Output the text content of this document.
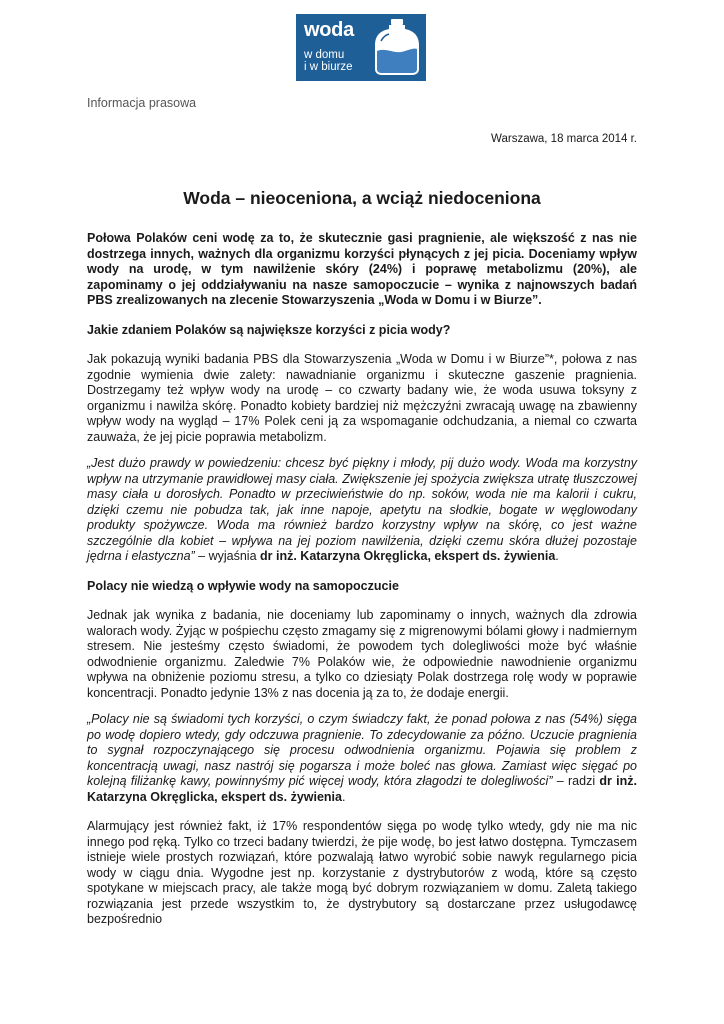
woda
w domu
i w biurze

Informacja prasowa

Warszawa, 18 marca 2014 r.

Woda – nieoceniona, a wciąż niedoceniona

Połowa Polaków ceni wodę za to, że skutecznie gasi pragnienie, ale większość z nas nie dostrzega innych, ważnych dla organizmu korzyści płynących z jej picia. Doceniamy wpływ wody na urodę, w tym nawilżenie skóry (24%) i poprawę metabolizmu (20%), ale zapominamy o jej oddziaływaniu na nasze samopoczucie – wynika z najnowszych badań PBS zrealizowanych na zlecenie Stowarzyszenia „Woda w Domu i w Biurze”.

Jakie zdaniem Polaków są największe korzyści z picia wody?

Jak pokazują wyniki badania PBS dla Stowarzyszenia „Woda w Domu i w Biurze”*, połowa z nas zgodnie wymienia dwie zalety: nawadnianie organizmu i skuteczne gaszenie pragnienia. Dostrzegamy też wpływ wody na urodę – co czwarty badany wie, że woda usuwa toksyny z organizmu i nawilża skórę. Ponadto kobiety bardziej niż mężczyźni zwracają uwagę na zbawienny wpływ wody na wygląd – 17% Polek ceni ją za wspomaganie odchudzania, a niemal co czwarta zauważa, że jej picie poprawia metabolizm.

„Jest dużo prawdy w powiedzeniu: chcesz być piękny i młody, pij dużo wody. Woda ma korzystny wpływ na utrzymanie prawidłowej masy ciała. Zwiększenie jej spożycia zwiększa utratę tłuszczowej masy ciała u dorosłych. Ponadto w przeciwieństwie do np. soków, woda nie ma kalorii i cukru, dzięki czemu nie pobudza tak, jak inne napoje, apetytu na słodkie, bogate w węglowodany produkty spożywcze. Woda ma również bardzo korzystny wpływ na skórę, co jest ważne szczególnie dla kobiet – wpływa na jej poziom nawilżenia, dzięki czemu skóra dłużej pozostaje jędrna i elastyczna” – wyjaśnia dr inż. Katarzyna Okręglicka, ekspert ds. żywienia.

Polacy nie wiedzą o wpływie wody na samopoczucie

Jednak jak wynika z badania, nie doceniamy lub zapominamy o innych, ważnych dla zdrowia walorach wody. Żyjąc w pośpiechu często zmagamy się z migrenowymi bólami głowy i nadmiernym stresem. Nie jesteśmy często świadomi, że powodem tych dolegliwości może być właśnie odwodnienie organizmu. Zaledwie 7% Polaków wie, że odpowiednie nawodnienie organizmu wpływa na obniżenie poziomu stresu, a tylko co dziesiąty Polak dostrzega rolę wody w poprawie koncentracji. Ponadto jedynie 13% z nas docenia ją za to, że dodaje energii.

„Polacy nie są świadomi tych korzyści, o czym świadczy fakt, że ponad połowa z nas (54%) sięga po wodę dopiero wtedy, gdy odczuwa pragnienie. To zdecydowanie za późno. Uczucie pragnienia to sygnał rozpoczynającego się procesu odwodnienia organizmu. Pojawia się problem z koncentracją uwagi, nasz nastrój się pogarsza i może boleć nas głowa. Zamiast więc sięgać po kolejną filiżankę kawy, powinnyśmy pić więcej wody, która złagodzi te dolegliwości” – radzi dr inż. Katarzyna Okręglicka, ekspert ds. żywienia.

Alarmujący jest również fakt, iż 17% respondentów sięga po wodę tylko wtedy, gdy nie ma nic innego pod ręką. Tylko co trzeci badany twierdzi, że pije wodę, bo jest łatwo dostępna. Tymczasem istnieje wiele prostych rozwiązań, które pozwalają łatwo wyrobić sobie nawyk regularnego picia wody w ciągu dnia. Wygodne jest np. korzystanie z dystrybutorów z wodą, które są często spotykane w miejscach pracy, ale także mogą być dobrym rozwiązaniem w domu. Zaletą takiego rozwiązania jest przede wszystkim to, że dystrybutory są dostarczane przez usługodawcę bezpośrednio
